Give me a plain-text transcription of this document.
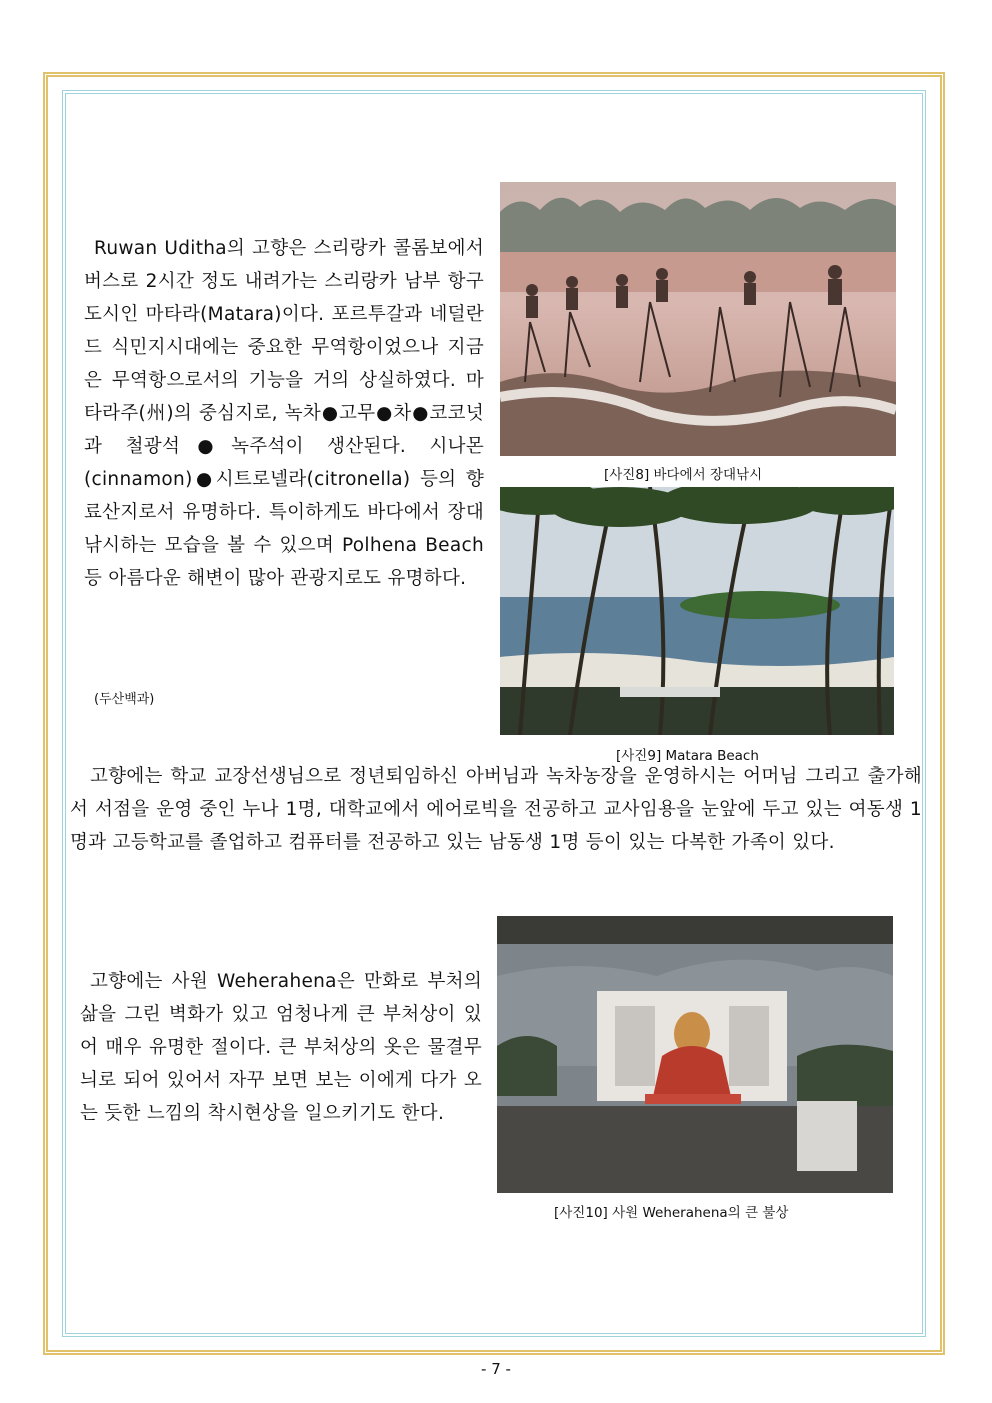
Ruwan Uditha의 고향은 스리랑카 콜롬보에서 버스로 2시간 정도 내려가는 스리랑카 남부 항구도시인 마타라(Matara)이다. 포르투갈과 네덜란드 식민지시대에는 중요한 무역항이었으나 지금은 무역항으로서의 기능을 거의 상실하였다. 마타라주(州)의 중심지로, 녹차●고무●차●코코넛과 철광석●녹주석이 생산된다. 시나몬(cinnamon)●시트로넬라(citronella) 등의 향료산지로서 유명하다. 특이하게도 바다에서 장대낚시하는 모습을 볼 수 있으며 Polhena Beach 등 아름다운 해변이 많아 관광지로도 유명하다.

(두산백과)
[사진8] 바다에서 장대낚시
[사진9] Matara Beach

고향에는 학교 교장선생님으로 정년퇴임하신 아버님과 녹차농장을 운영하시는 어머님 그리고 출가해서 서점을 운영 중인 누나 1명, 대학교에서 에어로빅을 전공하고 교사임용을 눈앞에 두고 있는 여동생 1명과 고등학교를 졸업하고 컴퓨터를 전공하고 있는 남동생 1명 등이 있는 다복한 가족이 있다.

[사진10] 사원 Weherahena의 큰 불상

고향에는 사원 Weherahena은 만화로 부처의 삶을 그린 벽화가 있고 엄청나게 큰 부처상이 있어 매우 유명한 절이다. 큰 부처상의 옷은 물결무늬로 되어 있어서 자꾸 보면 보는 이에게 다가 오는 듯한 느낌의 착시현상을 일으키기도 한다.

- 7 -
